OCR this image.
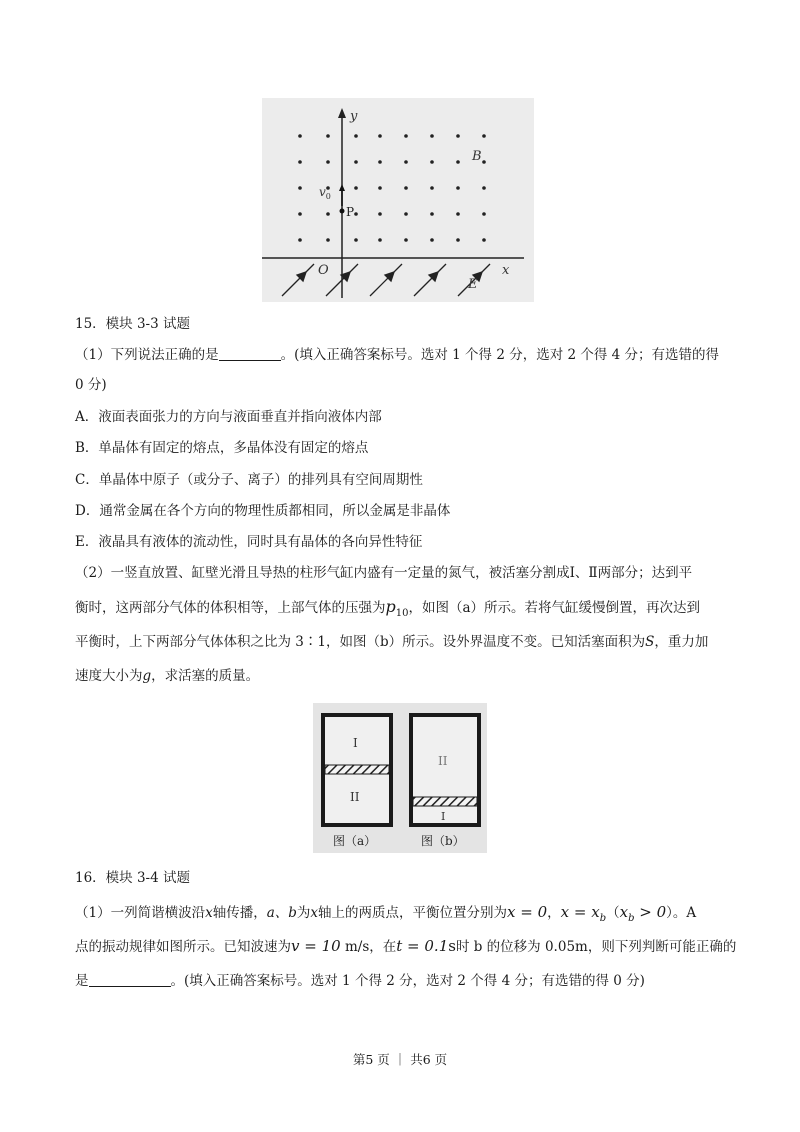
y
x
O
P
$v_0$
B
E
15．模块 3-3 试题
（1）下列说法正确的是	。(填入正确答案标号。选对 1 个得 2 分，选对 2 个得 4 分；有选错的得
0 分)
A．液面表面张力的方向与液面垂直并指向液体内部
B．单晶体有固定的熔点，多晶体没有固定的熔点
C．单晶体中原子（或分子、离子）的排列具有空间周期性
D．通常金属在各个方向的物理性质都相同，所以金属是非晶体
E．液晶具有液体的流动性，同时具有晶体的各向异性特征
（2）一竖直放置、缸壁光滑且导热的柱形气缸内盛有一定量的氮气，被活塞分割成Ⅰ、Ⅱ两部分；达到平
衡时，这两部分气体的体积相等，上部气体的压强为$p_{10}$，如图（a）所示。若将气缸缓慢倒置，再次达到
平衡时，上下两部分气体体积之比为 3∶1，如图（b）所示。设外界温度不变。已知活塞面积为S，重力加
速度大小为g，求活塞的质量。
I
II
II
I
图（a）	图（b）
16．模块 3-4 试题
（1）一列简谐横波沿x轴传播，a、b为x轴上的两质点，平衡位置分别为x = 0，$x = x_b(x_b > 0)$。A
点的振动规律如图所示。已知波速为v = 10 m/s，在t = 0.1s时 b 的位移为 0.05m，则下列判断可能正确的
是	。(填入正确答案标号。选对 1 个得 2 分，选对 2 个得 4 分；有选错的得 0 分)
第5 页 ｜ 共6 页
